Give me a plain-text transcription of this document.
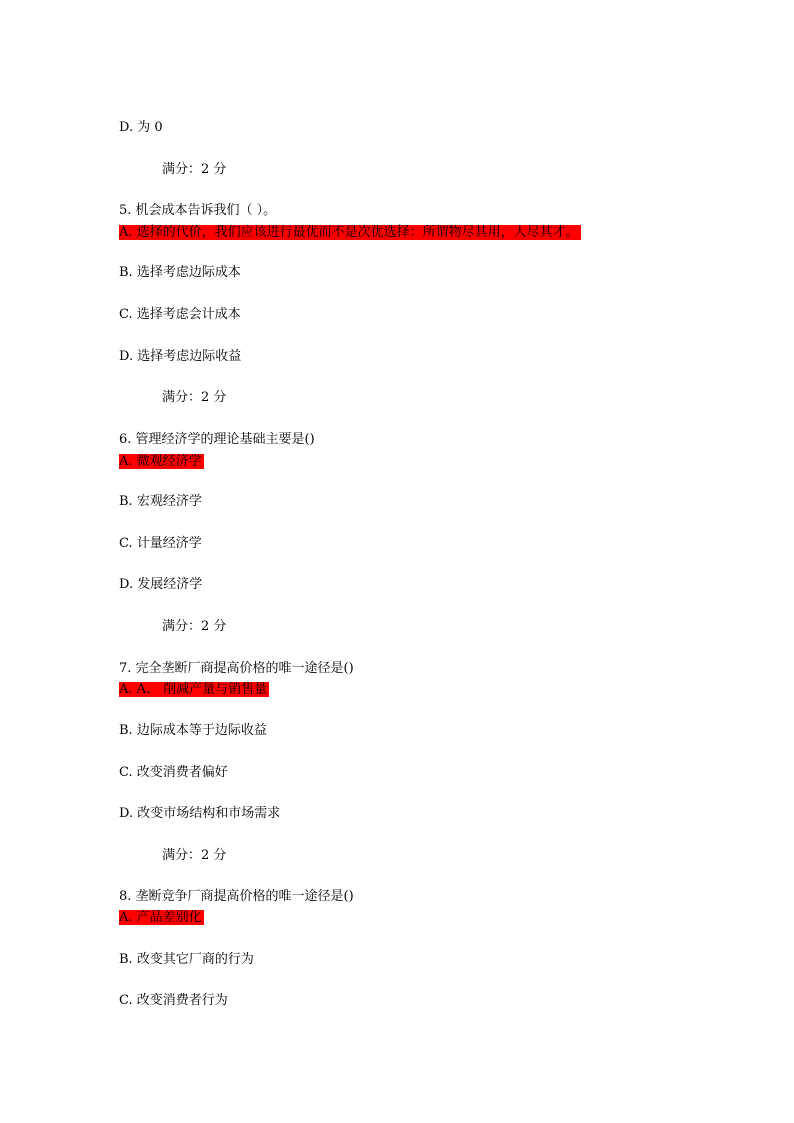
D. 为 0
满分：2 分
5. 机会成本告诉我们（ ）。
A. 选择的代价，我们应该进行最优而不是次优选择：所谓物尽其用，人尽其才。
B. 选择考虑边际成本
C. 选择考虑会计成本
D. 选择考虑边际收益
满分：2 分
6. 管理经济学的理论基础主要是()
A. 微观经济学
B. 宏观经济学
C. 计量经济学
D. 发展经济学
满分：2 分
7. 完全垄断厂商提高价格的唯一途径是()
A. A、 削减产量与销售量
B. 边际成本等于边际收益
C. 改变消费者偏好
D. 改变市场结构和市场需求
满分：2 分
8. 垄断竞争厂商提高价格的唯一途径是()
A. 产品差别化
B. 改变其它厂商的行为
C. 改变消费者行为
